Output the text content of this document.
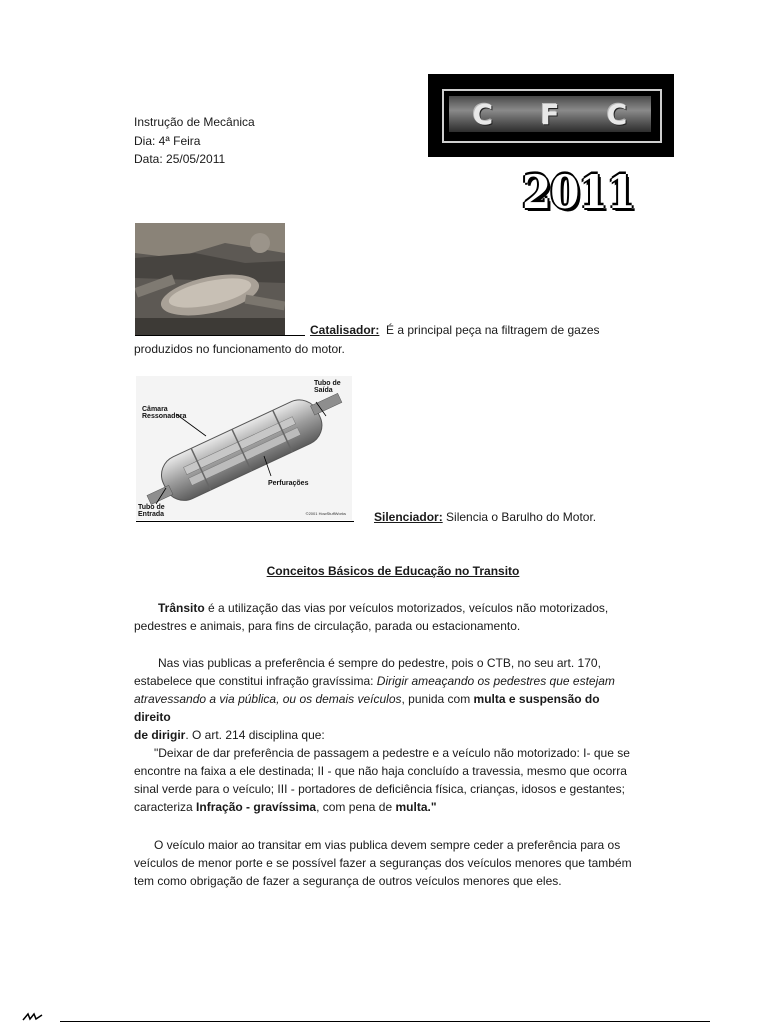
Instrução de Mecânica
Dia: 4ª Feira
Data: 25/05/2011
C F C
2011
Catalisador: É a principal peça na filtragem de gazes
produzidos no funcionamento do motor.
Tubo de
Saída
Câmara
Ressonadora
Perfurações
Tubo de
Entrada	©2001 HowStuffWorks Silenciador: Silencia o Barulho do Motor.
Conceitos Básicos de Educação no Transito
Trânsito é a utilização das vias por veículos motorizados, veículos não motorizados,
pedestres e animais, para fins de circulação, parada ou estacionamento.
Nas vias publicas a preferência é sempre do pedestre, pois o CTB, no seu art. 170,
estabelece que constitui infração gravíssima: Dirigir ameaçando os pedestres que estejam
atravessando a via pública, ou os demais veículos, punida com multa e suspensão do direito
de dirigir. O art. 214 disciplina que:
"Deixar de dar preferência de passagem a pedestre e a veículo não motorizado: I- que se
encontre na faixa a ele destinada; II - que não haja concluído a travessia, mesmo que ocorra
sinal verde para o veículo; III - portadores de deficiência física, crianças, idosos e gestantes;
caracteriza Infração - gravíssima, com pena de multa."
O veículo maior ao transitar em vias publica devem sempre ceder a preferência para os
veículos de menor porte e se possível fazer a seguranças dos veículos menores que também
tem como obrigação de fazer a segurança de outros veículos menores que eles.
